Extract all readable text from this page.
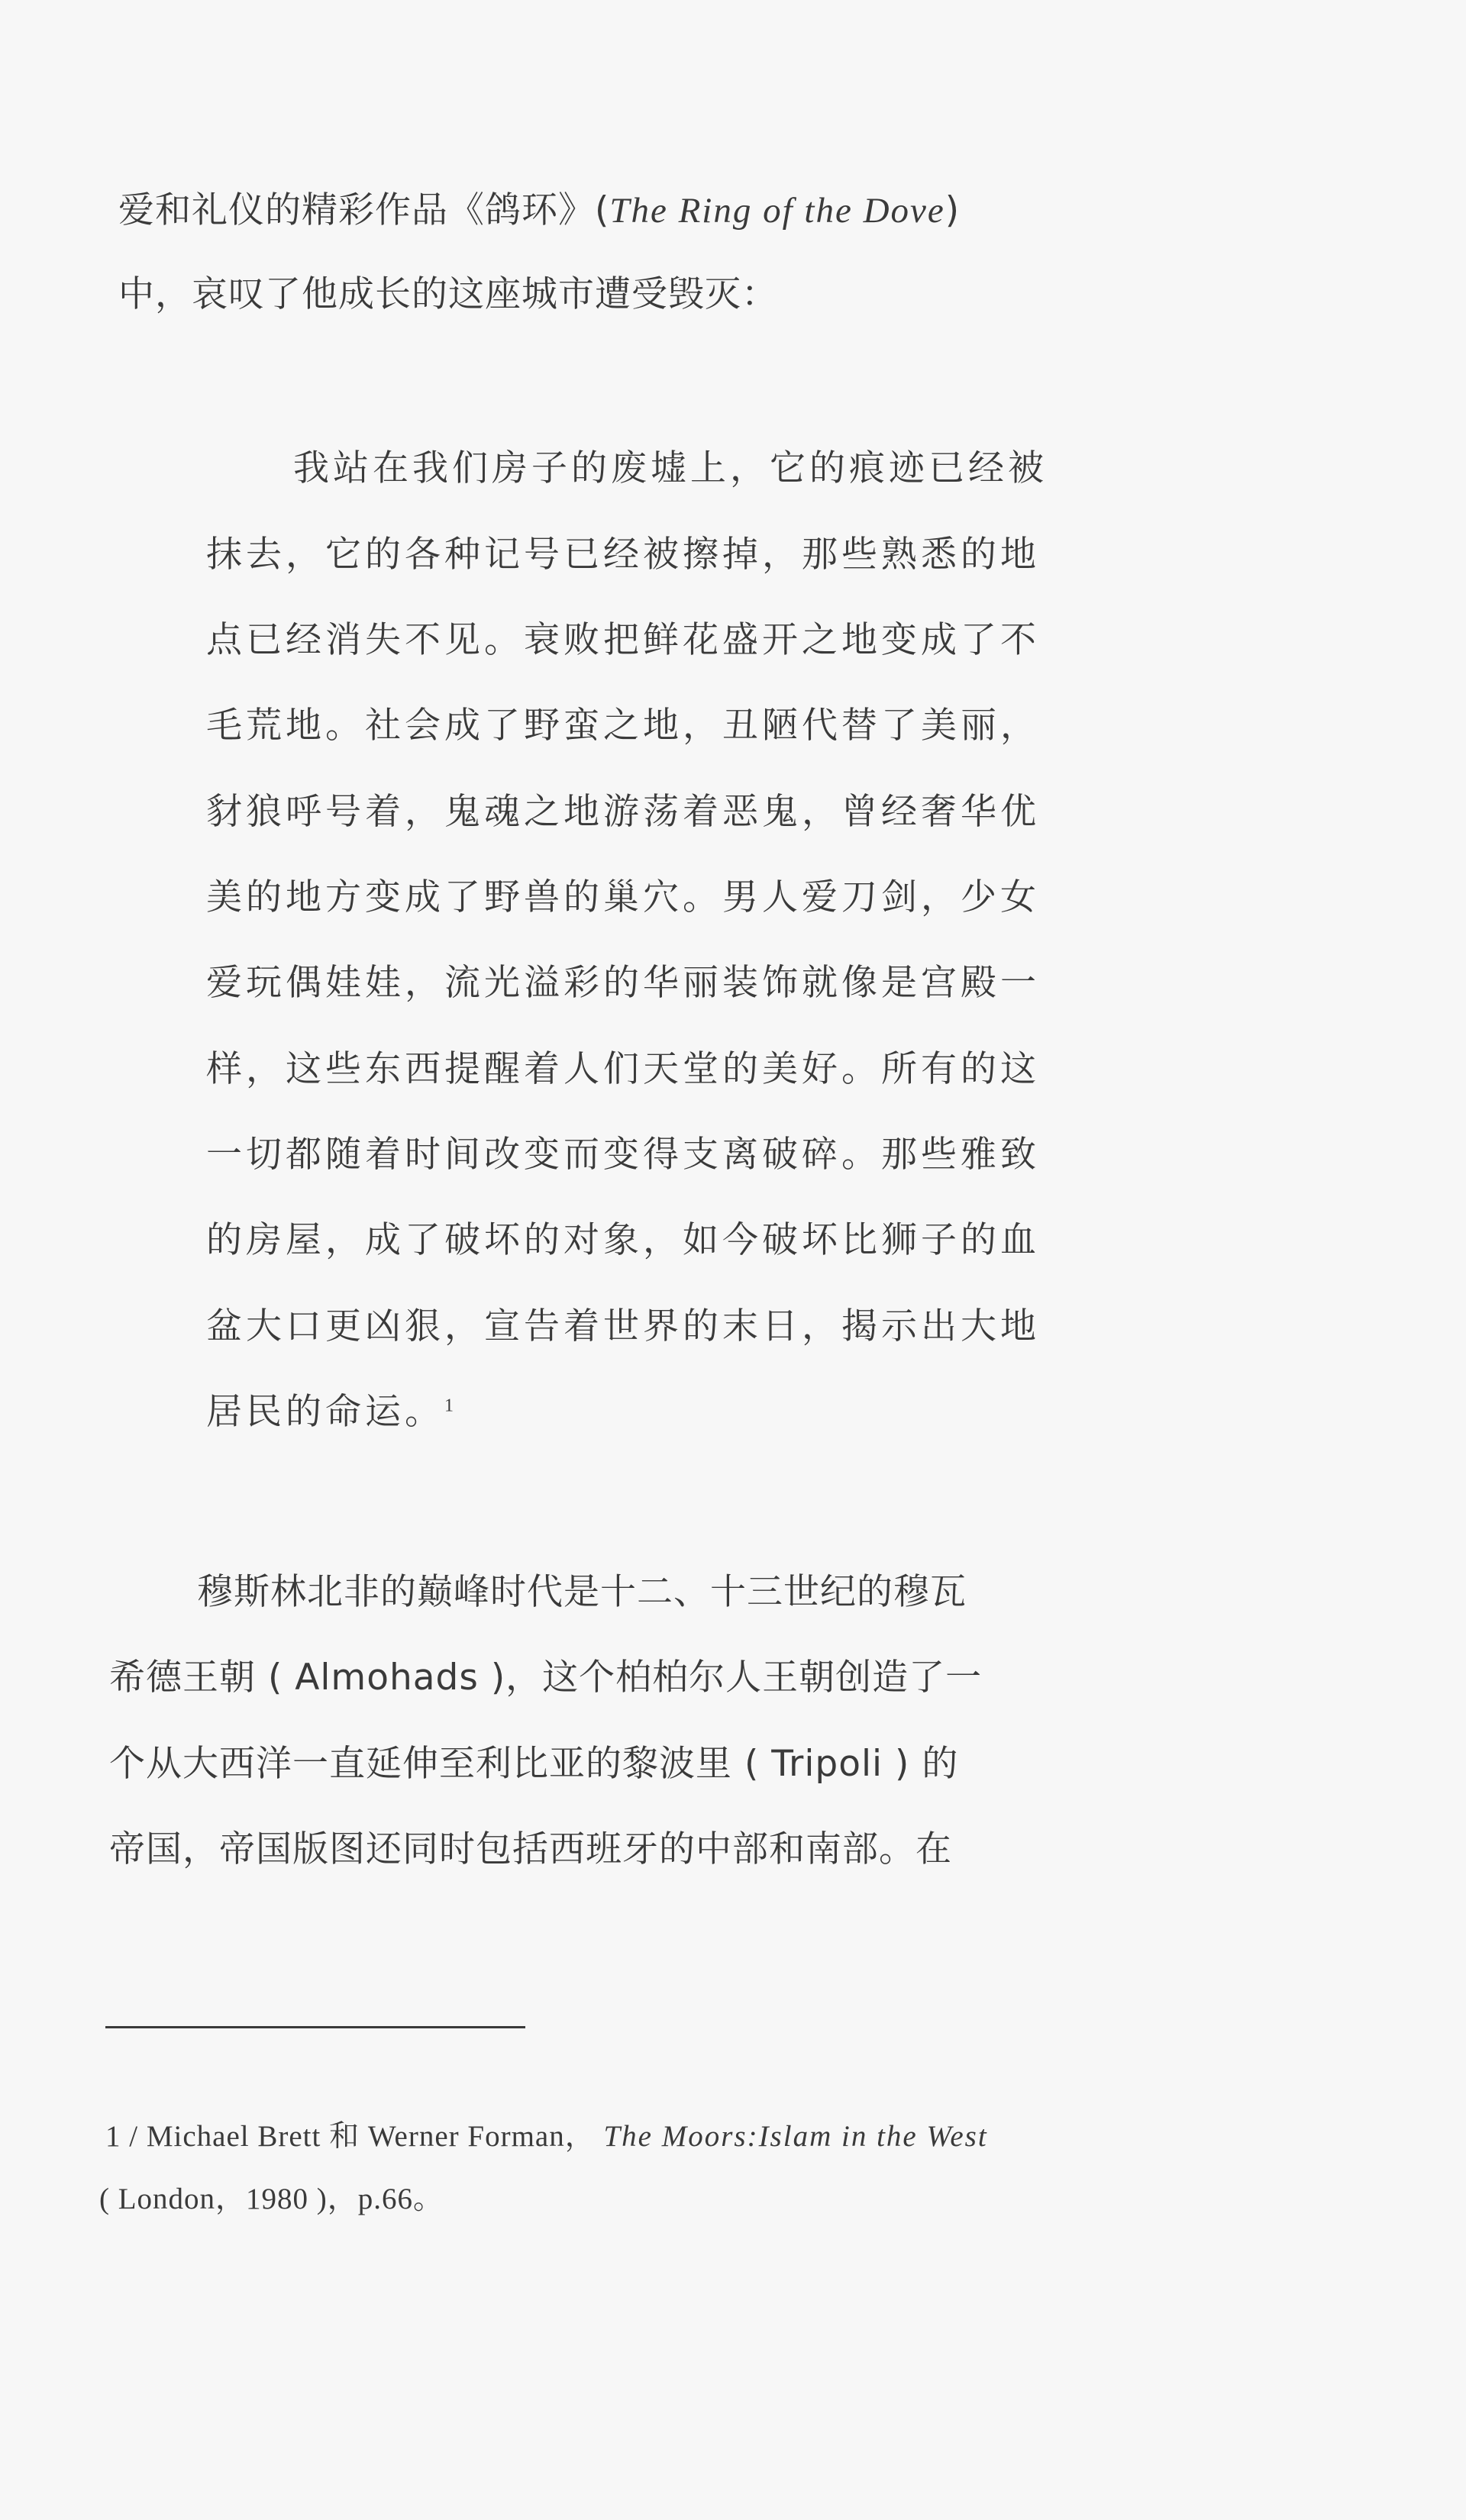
爱和礼仪的精彩作品《鸽环》(The Ring of the Dove)
中，哀叹了他成长的这座城市遭受毁灭：
我站在我们房子的废墟上，它的痕迹已经被
抹去，它的各种记号已经被擦掉，那些熟悉的地
点已经消失不见。衰败把鲜花盛开之地变成了不
毛荒地。社会成了野蛮之地，丑陋代替了美丽，
豺狼呼号着，鬼魂之地游荡着恶鬼，曾经奢华优
美的地方变成了野兽的巢穴。男人爱刀剑，少女
爱玩偶娃娃，流光溢彩的华丽装饰就像是宫殿一
样，这些东西提醒着人们天堂的美好。所有的这
一切都随着时间改变而变得支离破碎。那些雅致
的房屋，成了破坏的对象，如今破坏比狮子的血
盆大口更凶狠，宣告着世界的末日，揭示出大地
居民的命运。$^1$
穆斯林北非的巅峰时代是十二、十三世纪的穆瓦
希德王朝 ( Almohads )，这个柏柏尔人王朝创造了一
个从大西洋一直延伸至利比亚的黎波里 ( Tripoli ) 的
帝国，帝国版图还同时包括西班牙的中部和南部。在
1 / Michael Brett 和 Werner Forman， The Moors:Islam in the West
( London，1980 )，p.66。
